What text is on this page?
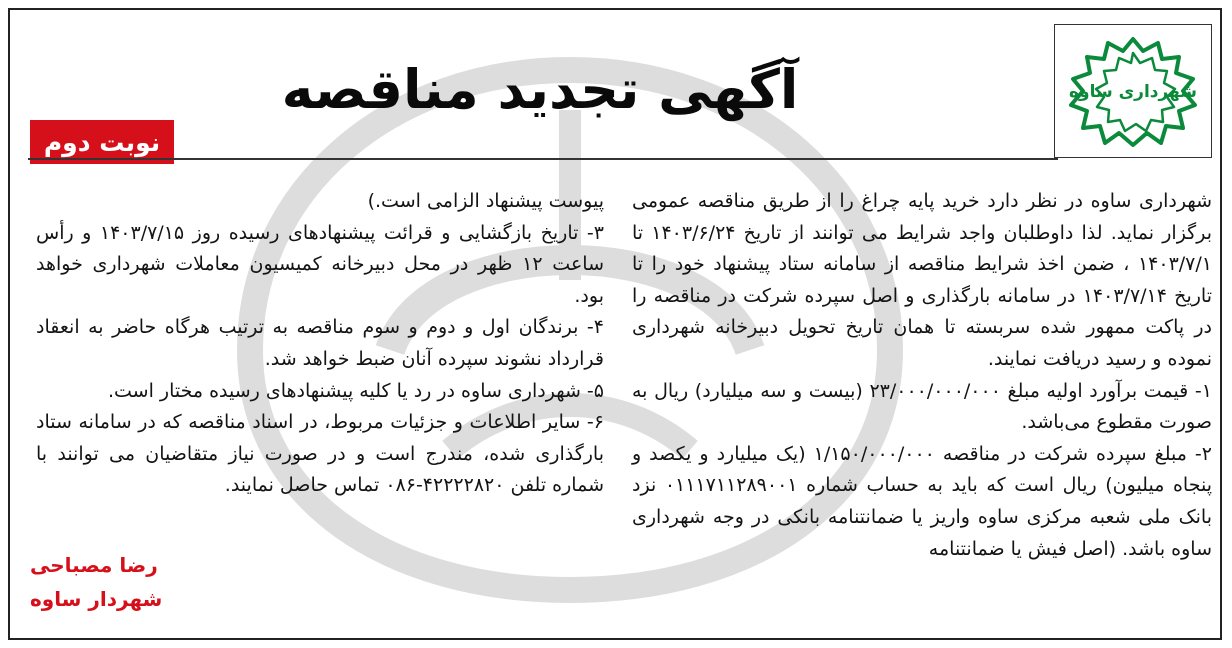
شهرداری ساوه
آگهی تجدید مناقصه
نوبت دوم

شهرداری ساوه در نظر دارد خرید پایه چراغ را از طریق مناقصه عمومی برگزار نماید. لذا داوطلبان واجد شرایط می توانند از تاریخ ۱۴۰۳/۶/۲۴ تا ۱۴۰۳/۷/۱ ، ضمن اخذ شرایط مناقصه از سامانه ستاد پیشنهاد خود را تا تاریخ ۱۴۰۳/۷/۱۴ در سامانه بارگذاری و اصل سپرده شرکت در مناقصه را در پاکت ممهور شده سربسته تا همان تاریخ تحویل دبیرخانه شهرداری نموده و رسید دریافت نمایند.

۱- قیمت برآورد اولیه مبلغ ۲۳/۰۰۰/۰۰۰/۰۰۰ (بیست و سه میلیارد) ریال به صورت مقطوع می‌باشد.

۲- مبلغ سپرده شرکت در مناقصه ۱/۱۵۰/۰۰۰/۰۰۰ (یک میلیارد و یکصد و پنجاه میلیون) ریال است که باید به حساب شماره ۰۱۱۱۷۱۱۲۸۹۰۰۱ نزد بانک ملی شعبه مرکزی ساوه واریز یا ضمانتنامه بانکی در وجه شهرداری ساوه باشد. (اصل فیش یا ضمانتنامه

پیوست پیشنهاد الزامی است.)

۳- تاریخ بازگشایی و قرائت پیشنهادهای رسیده روز ۱۴۰۳/۷/۱۵ و رأس ساعت ۱۲ ظهر در محل دبیرخانه کمیسیون معاملات شهرداری خواهد بود.

۴- برندگان اول و دوم و سوم مناقصه به ترتیب هرگاه حاضر به انعقاد قرارداد نشوند سپرده آنان ضبط خواهد شد.

۵- شهرداری ساوه در رد یا کلیه پیشنهادهای رسیده مختار است.

۶- سایر اطلاعات و جزئیات مربوط، در اسناد مناقصه که در سامانه ستاد بارگذاری شده، مندرج است و در صورت نیاز متقاضیان می توانند با شماره تلفن ۴۲۲۲۲۸۲۰-۰۸۶ تماس حاصل نمایند.

رضا مصباحی
شهردار ساوه
